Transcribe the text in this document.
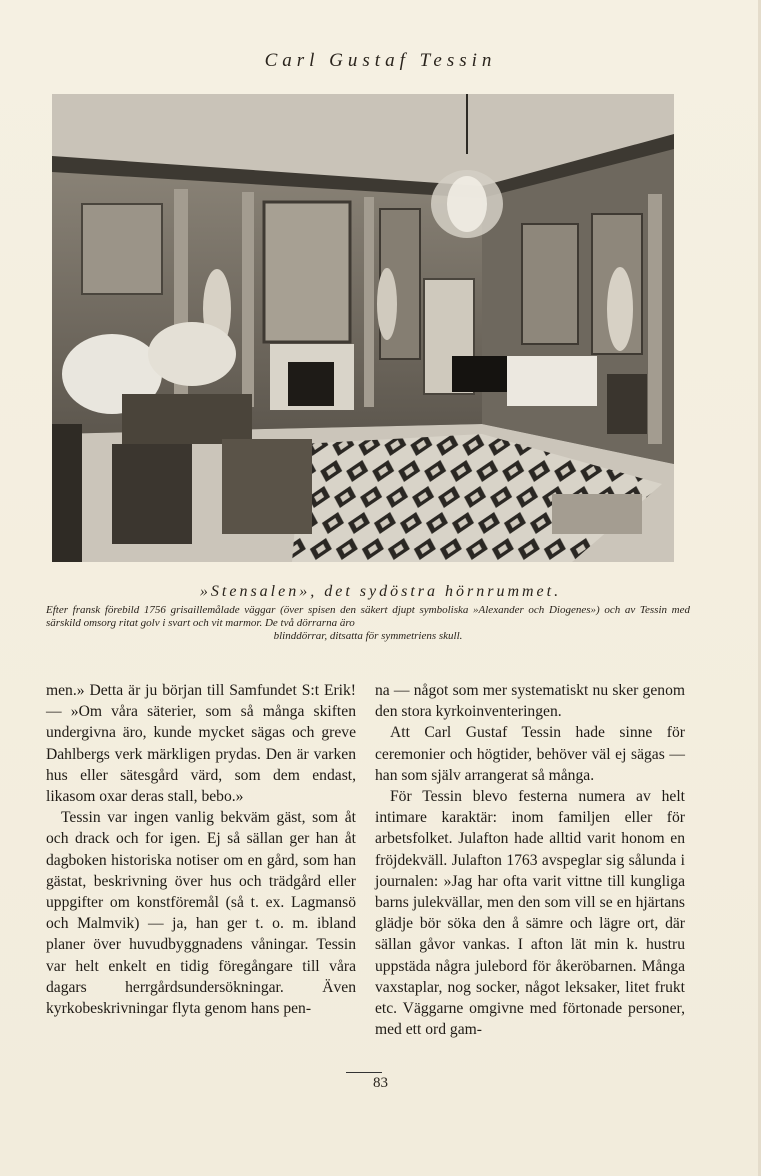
Carl Gustaf Tessin
»Stensalen», det sydöstra hörnrummet.
Efter fransk förebild 1756 grisaillemålade väggar (över spisen den säkert djupt symboliska »Alexander och Diogenes») och av Tessin med särskild omsorg ritat golv i svart och vit marmor. De två dörrarna äro
blinddörrar, ditsatta för symmetriens skull.

men.» Detta är ju början till Samfundet S:t Erik! — »Om våra säterier, som så många skiften undergivna äro, kunde mycket sägas och greve Dahlbergs verk märkligen prydas. Den är varken hus eller sätesgård värd, som dem endast, likasom oxar deras stall, bebo.»

Tessin var ingen vanlig bekväm gäst, som åt och drack och for igen. Ej så sällan ger han åt dagboken historiska notiser om en gård, som han gästat, beskrivning över hus och trädgård eller uppgifter om konstföremål (så t. ex. Lagmansö och Malmvik) — ja, han ger t. o. m. ibland planer över huvudbyggnadens våningar. Tessin var helt enkelt en tidig föregångare till våra dagars herrgårdsundersökningar. Även kyrkobeskrivningar flyta genom hans pen-

na — något som mer systematiskt nu sker genom den stora kyrkoinventeringen.

Att Carl Gustaf Tessin hade sinne för ceremonier och högtider, behöver väl ej sägas — han som själv arrangerat så många.

För Tessin blevo festerna numera av helt intimare karaktär: inom familjen eller för arbetsfolket. Julafton hade alltid varit honom en fröjdekväll. Julafton 1763 avspeglar sig sålunda i journalen: »Jag har ofta varit vittne till kungliga barns julekvällar, men den som vill se en hjärtans glädje bör söka den å sämre och lägre ort, där sällan gåvor vankas. I afton lät min k. hustru uppstäda några julebord för åkeröbarnen. Många vaxstaplar, nog socker, något leksaker, litet frukt etc. Väggarne omgivne med förtonade personer, med ett ord gam-

83
